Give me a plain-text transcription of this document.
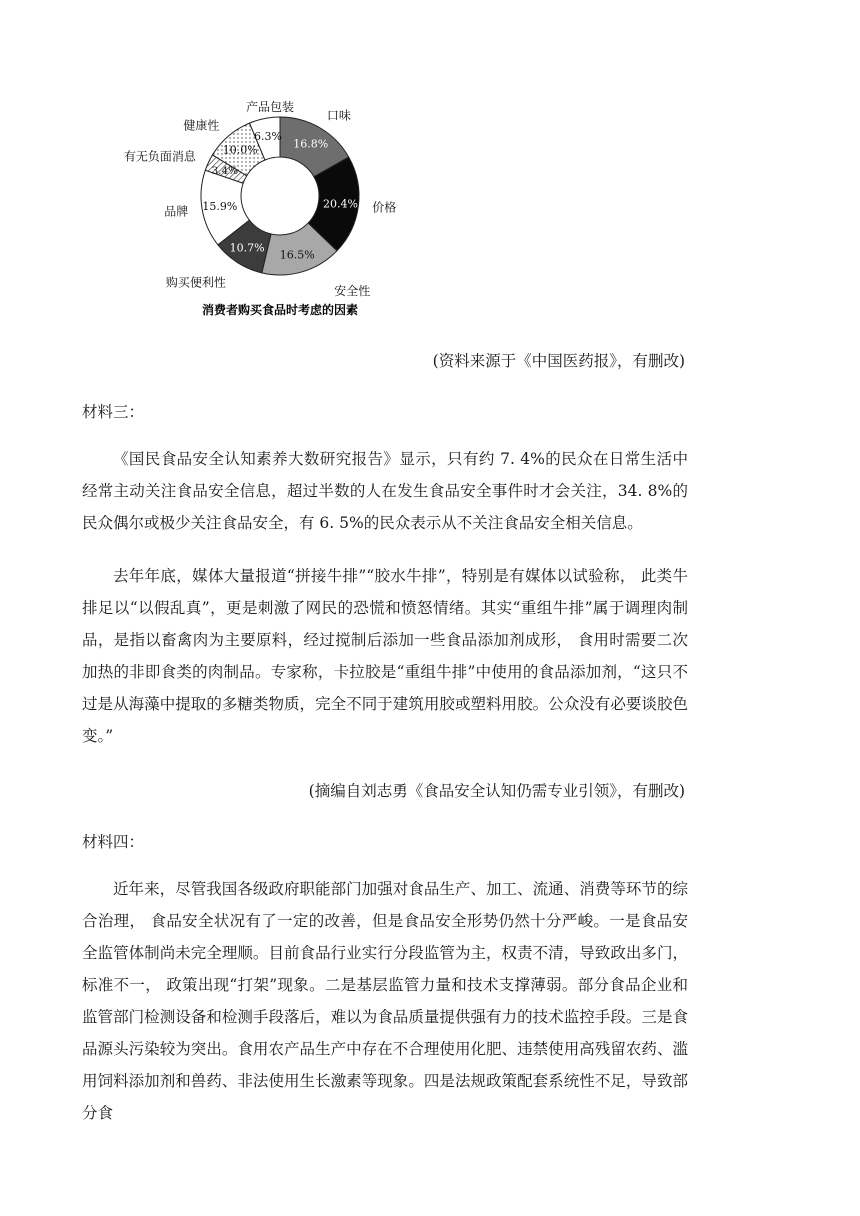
16.8%
20.4%
16.5%
10.7%
15.9%
3.4%
10.0%
6.3%
口味
价格
安全性
购买便利性
品牌
有无负面消息
健康性
产品包装
消费者购买食品时考虑的因素

(资料来源于《中国医药报》，有删改)

材料三：

《国民食品安全认知素养大数研究报告》显示，只有约 7. 4%的民众在日常生活中经常主动关注食品安全信息，超过半数的人在发生食品安全事件时才会关注，34. 8%的民众偶尔或极少关注食品安全，有 6. 5%的民众表示从不关注食品安全相关信息。

去年年底，媒体大量报道“拼接牛排”“胶水牛排”，特别是有媒体以试验称， 此类牛排足以“以假乱真”，更是刺激了网民的恐慌和愤怒情绪。其实“重组牛排”属于调理肉制品，是指以畜禽肉为主要原料，经过搅制后添加一些食品添加剂成形， 食用时需要二次加热的非即食类的肉制品。专家称，卡拉胶是“重组牛排”中使用的食品添加剂，“这只不过是从海藻中提取的多糖类物质，完全不同于建筑用胶或塑料用胶。公众没有必要谈胶色变。”

(摘编自刘志勇《食品安全认知仍需专业引领》，有删改)

材料四：

近年来，尽管我国各级政府职能部门加强对食品生产、加工、流通、消费等环节的综合治理， 食品安全状况有了一定的改善，但是食品安全形势仍然十分严峻。一是食品安全监管体制尚未完全理顺。目前食品行业实行分段监管为主，权责不清，导致政出多门，标准不一， 政策出现“打架”现象。二是基层监管力量和技术支撑薄弱。部分食品企业和监管部门检测设备和检测手段落后，难以为食品质量提供强有力的技术监控手段。三是食品源头污染较为突出。食用农产品生产中存在不合理使用化肥、违禁使用高残留农药、滥用饲料添加剂和兽药、非法使用生长激素等现象。四是法规政策配套系统性不足，导致部分食
